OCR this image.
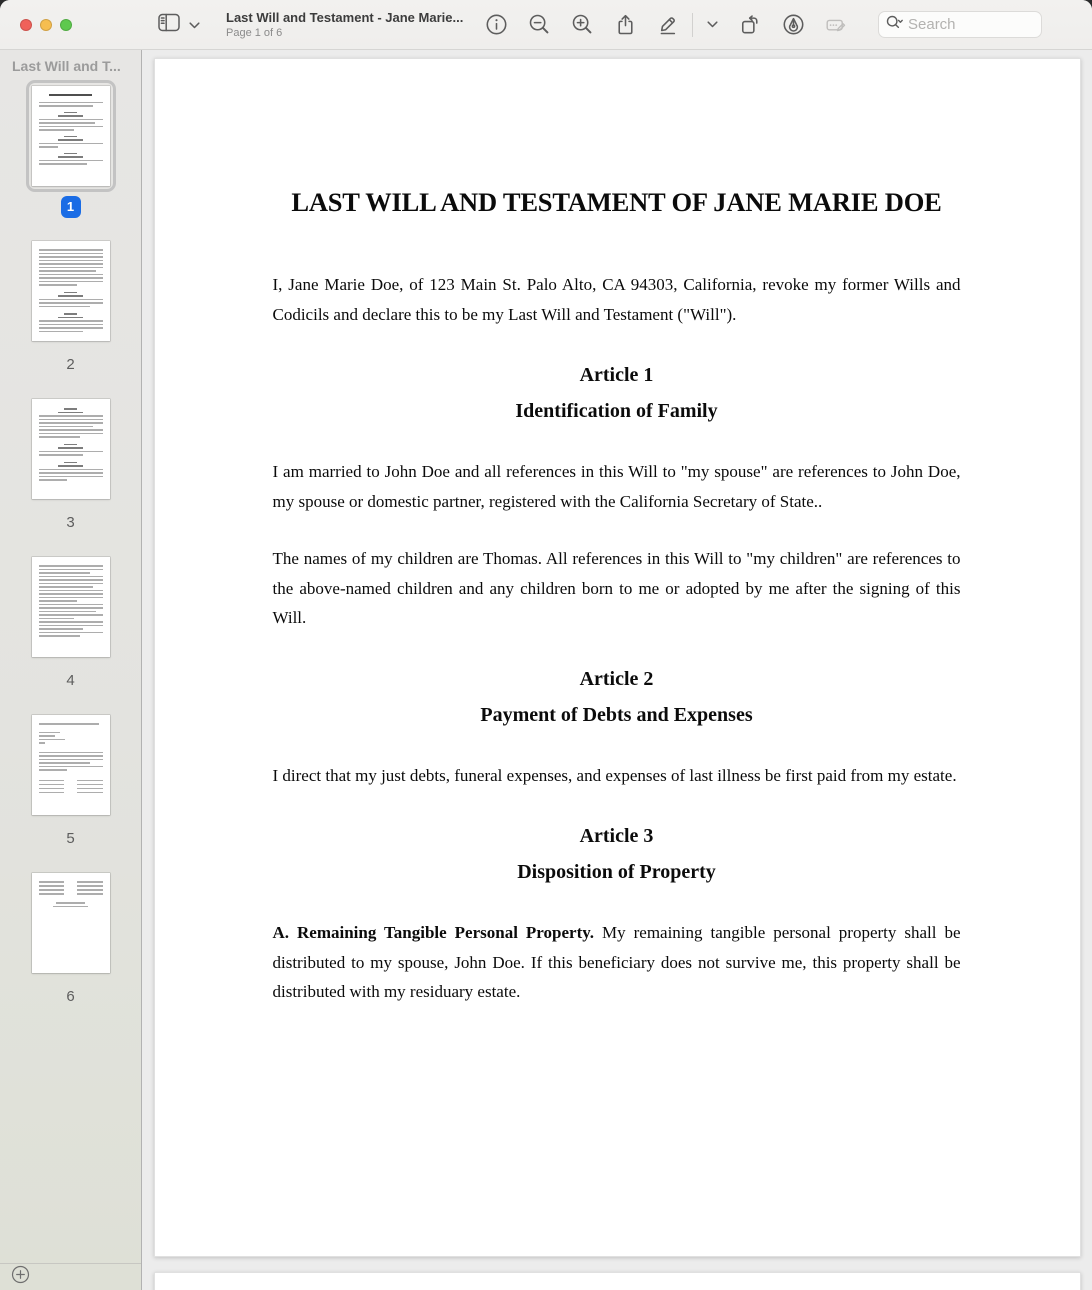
Last Will and Testament - Jane Marie...
Page 1 of 6
Search
Last Will and T...
1
2
3
4
5
6
LAST WILL AND TESTAMENT OF JANE MARIE DOE

I, Jane Marie Doe, of 123 Main St. Palo Alto, CA 94303, California, revoke my former Wills and Codicils and declare this to be my Last Will and Testament ("Will").

Article 1
Identification of Family

I am married to John Doe and all references in this Will to "my spouse" are references to John Doe, my spouse or domestic partner, registered with the California Secretary of State..

The names of my children are Thomas. All references in this Will to "my children" are references to the above-named children and any children born to me or adopted by me after the signing of this Will.

Article 2
Payment of Debts and Expenses

I direct that my just debts, funeral expenses, and expenses of last illness be first paid from my estate.

Article 3
Disposition of Property

A. Remaining Tangible Personal Property. My remaining tangible personal property shall be distributed to my spouse, John Doe. If this beneficiary does not survive me, this property shall be distributed with my residuary estate.
